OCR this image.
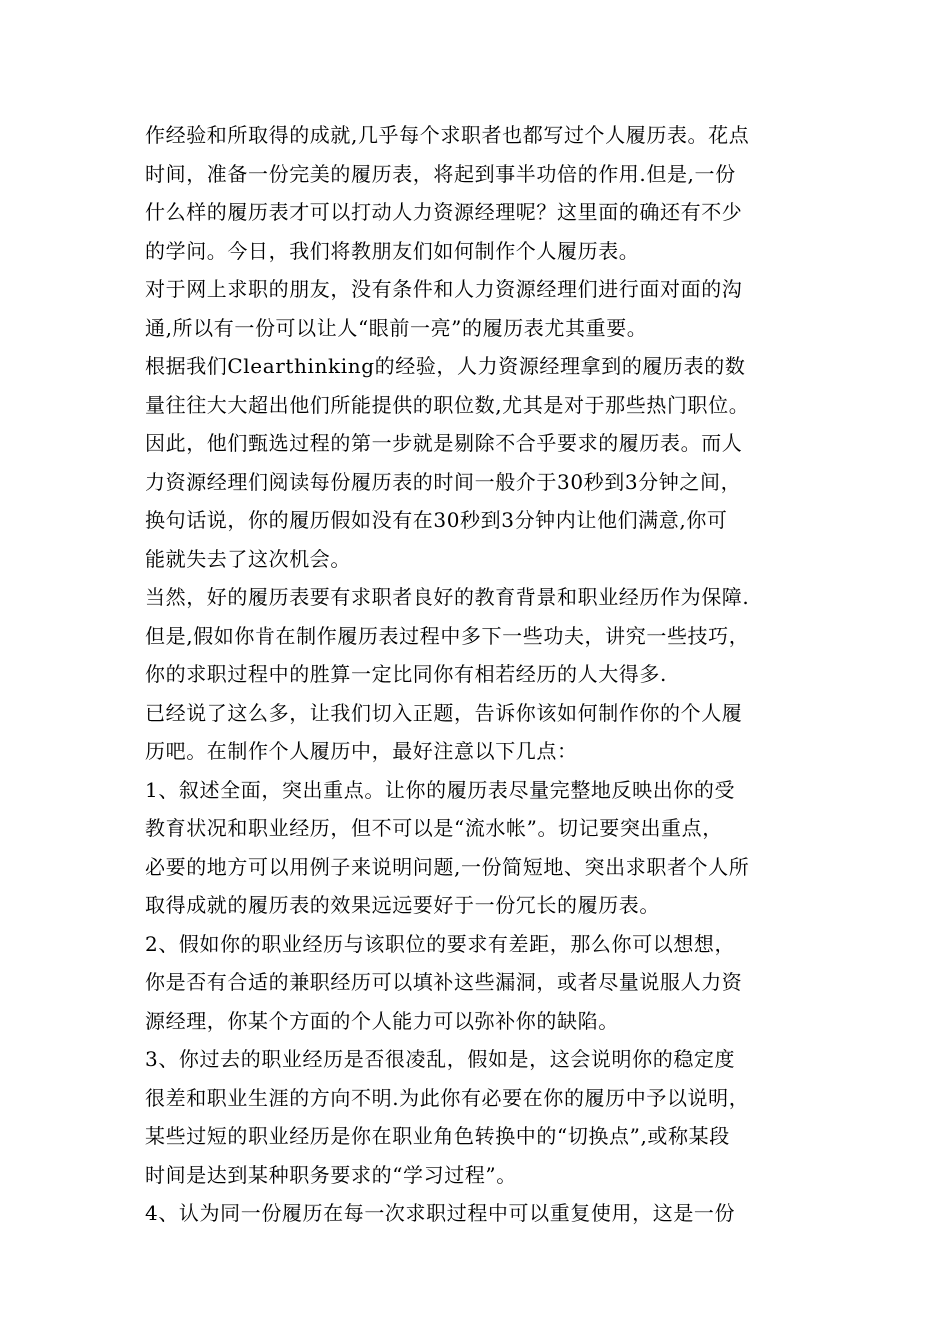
作经验和所取得的成就,几乎每个求职者也都写过个人履历表。花点
时间，准备一份完美的履历表，将起到事半功倍的作用.但是,一份
什么样的履历表才可以打动人力资源经理呢？这里面的确还有不少
的学问。今日，我们将教朋友们如何制作个人履历表。
对于网上求职的朋友，没有条件和人力资源经理们进行面对面的沟
通,所以有一份可以让人“眼前一亮”的履历表尤其重要。
根据我们Clearthinking的经验，人力资源经理拿到的履历表的数
量往往大大超出他们所能提供的职位数,尤其是对于那些热门职位。
因此，他们甄选过程的第一步就是剔除不合乎要求的履历表。而人
力资源经理们阅读每份履历表的时间一般介于30秒到3分钟之间，
换句话说，你的履历假如没有在30秒到3分钟内让他们满意,你可
能就失去了这次机会。
当然，好的履历表要有求职者良好的教育背景和职业经历作为保障.
但是,假如你肯在制作履历表过程中多下一些功夫，讲究一些技巧，
你的求职过程中的胜算一定比同你有相若经历的人大得多.
已经说了这么多，让我们切入正题，告诉你该如何制作你的个人履
历吧。在制作个人履历中，最好注意以下几点：
1、叙述全面，突出重点。让你的履历表尽量完整地反映出你的受
教育状况和职业经历，但不可以是“流水帐”。切记要突出重点，
必要的地方可以用例子来说明问题,一份简短地、突出求职者个人所
取得成就的履历表的效果远远要好于一份冗长的履历表。
2、假如你的职业经历与该职位的要求有差距，那么你可以想想，
你是否有合适的兼职经历可以填补这些漏洞，或者尽量说服人力资
源经理，你某个方面的个人能力可以弥补你的缺陷。
3、你过去的职业经历是否很凌乱，假如是，这会说明你的稳定度
很差和职业生涯的方向不明.为此你有必要在你的履历中予以说明，
某些过短的职业经历是你在职业角色转换中的“切换点”,或称某段
时间是达到某种职务要求的“学习过程”。
4、认为同一份履历在每一次求职过程中可以重复使用，这是一份
